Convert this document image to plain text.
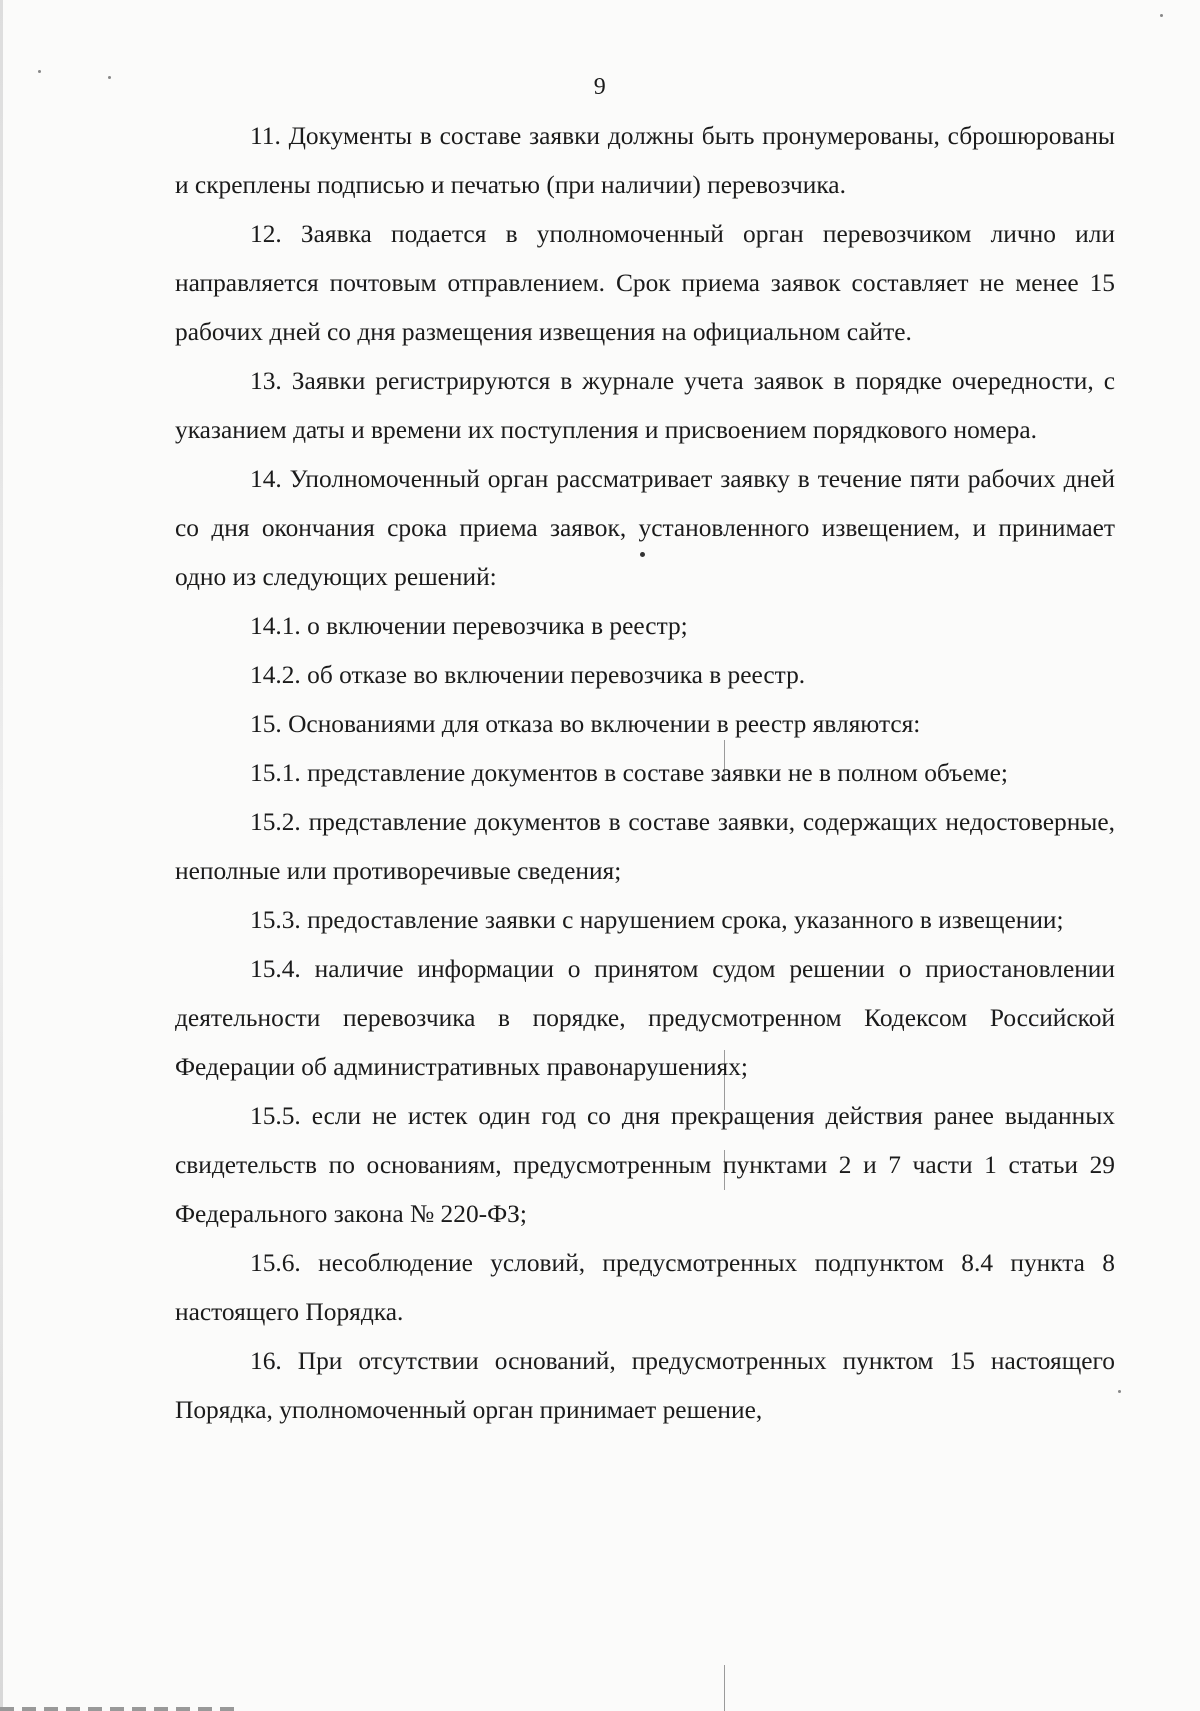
9

11. Документы в составе заявки должны быть пронумерованы, сброшюрованы и скреплены подписью и печатью (при наличии) перевозчика.

12. Заявка подается в уполномоченный орган перевозчиком лично или направляется почтовым отправлением. Срок приема заявок составляет не менее 15 рабочих дней со дня размещения извещения на официальном сайте.

13. Заявки регистрируются в журнале учета заявок в порядке очередности, с указанием даты и времени их поступления и присвоением порядкового номера.

14. Уполномоченный орган рассматривает заявку в течение пяти рабочих дней со дня окончания срока приема заявок, установленного извещением, и принимает одно из следующих решений:

14.1. о включении перевозчика в реестр;

14.2. об отказе во включении перевозчика в реестр.

15. Основаниями для отказа во включении в реестр являются:

15.1. представление документов в составе заявки не в полном объеме;

15.2. представление документов в составе заявки, содержащих недостоверные, неполные или противоречивые сведения;

15.3. предоставление заявки с нарушением срока, указанного в извещении;

15.4. наличие информации о принятом судом решении о приостановлении деятельности перевозчика в порядке, предусмотренном Кодексом Российской Федерации об административных правонарушениях;

15.5. если не истек один год со дня прекращения действия ранее выданных свидетельств по основаниям, предусмотренным пунктами 2 и 7 части 1 статьи 29 Федерального закона № 220-ФЗ;

15.6. несоблюдение условий, предусмотренных подпунктом 8.4 пункта 8 настоящего Порядка.

16. При отсутствии оснований, предусмотренных пунктом 15 настоящего Порядка, уполномоченный орган принимает решение,
